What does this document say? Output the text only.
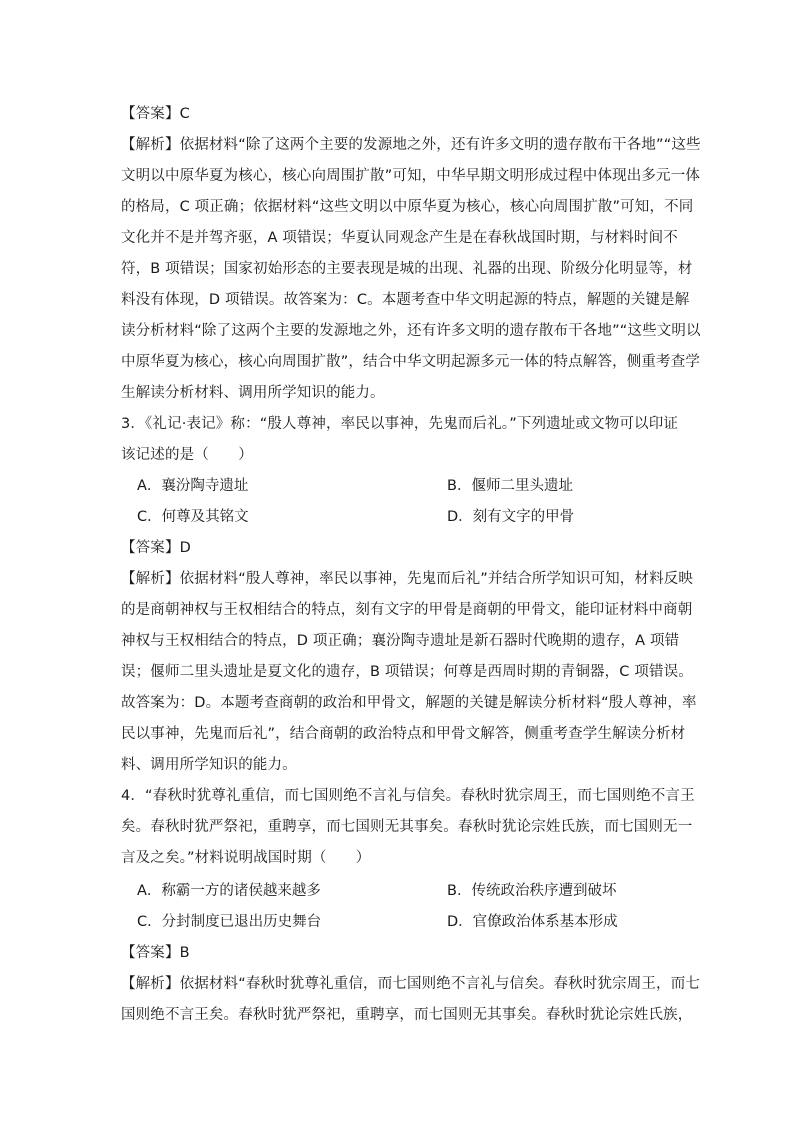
【答案】C
【解析】依据材料“除了这两个主要的发源地之外，还有许多文明的遗存散布干各地”“这些
文明以中原华夏为核心，核心向周围扩散”可知，中华早期文明形成过程中体现出多元一体
的格局，C 项正确；依据材料“这些文明以中原华夏为核心，核心向周围扩散”可知，不同
文化并不是并驾齐驱，A 项错误；华夏认同观念产生是在春秋战国时期，与材料时间不
符，B 项错误；国家初始形态的主要表现是城的出现、礼器的出现、阶级分化明显等，材
料没有体现，D 项错误。故答案为：C。本题考查中华文明起源的特点，解题的关键是解
读分析材料“除了这两个主要的发源地之外，还有许多文明的遗存散布干各地”“这些文明以
中原华夏为核心，核心向周围扩散”，结合中华文明起源多元一体的特点解答，侧重考查学
生解读分析材料、调用所学知识的能力。
3．《礼记·表记》称：“殷人尊神，率民以事神，先鬼而后礼。”下列遗址或文物可以印证
该记述的是（　　）
A．襄汾陶寺遗址	B．偃师二里头遗址
C．何尊及其铭文	D．刻有文字的甲骨
【答案】D
【解析】依据材料“殷人尊神，率民以事神，先鬼而后礼”并结合所学知识可知，材料反映
的是商朝神权与王权相结合的特点，刻有文字的甲骨是商朝的甲骨文，能印证材料中商朝
神权与王权相结合的特点，D 项正确；襄汾陶寺遗址是新石器时代晚期的遗存，A 项错
误；偃师二里头遗址是夏文化的遗存，B 项错误；何尊是西周时期的青铜器，C 项错误。
故答案为：D。本题考查商朝的政治和甲骨文，解题的关键是解读分析材料“殷人尊神，率
民以事神，先鬼而后礼”，结合商朝的政治特点和甲骨文解答，侧重考查学生解读分析材
料、调用所学知识的能力。
4．“春秋时犹尊礼重信，而七国则绝不言礼与信矣。春秋时犹宗周王，而七国则绝不言王
矣。春秋时犹严祭祀，重聘享，而七国则无其事矣。春秋时犹论宗姓氏族，而七国则无一
言及之矣。”材料说明战国时期（　　）
A．称霸一方的诸侯越来越多	B．传统政治秩序遭到破坏
C．分封制度已退出历史舞台	D．官僚政治体系基本形成
【答案】B
【解析】依据材料“春秋时犹尊礼重信，而七国则绝不言礼与信矣。春秋时犹宗周王，而七
国则绝不言王矣。春秋时犹严祭祀，重聘享，而七国则无其事矣。春秋时犹论宗姓氏族，
